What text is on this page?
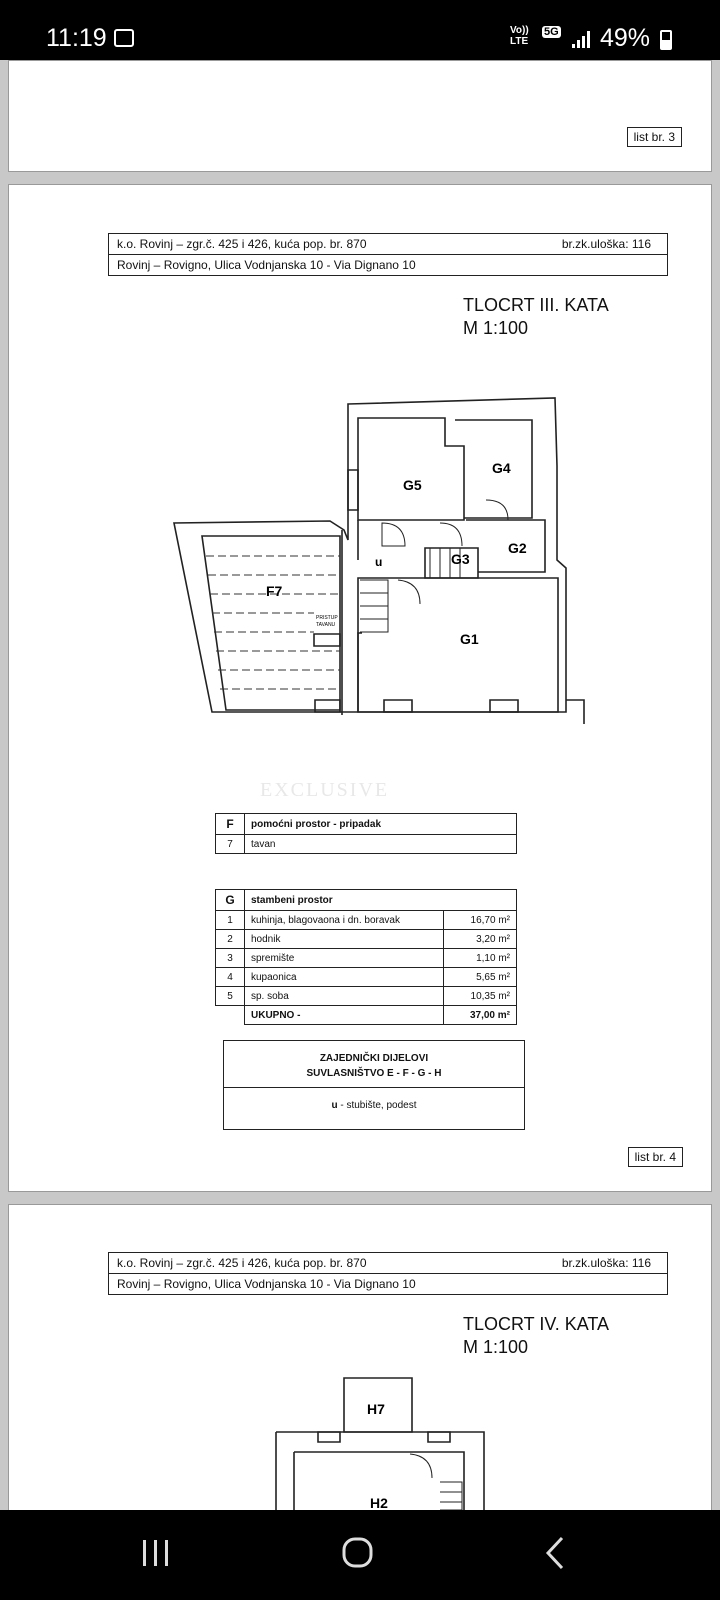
11:19	Vo)) LTE
5G 49%
list br. 3
k.o. Rovinj – zgr.č. 425 i 426, kuća pop. br. 870	br.zk.uloška: 116
Rovinj – Rovigno, Ulica Vodnjanska 10 - Via Dignano 10
TLOCRT III. KATA
M 1:100
G5
G4
G3
G2
G1
F7
u
PRISTUP
TAVANU
EXCLUSIVE
F	pomoćni prostor - pripadak
7	tavan
G	stambeni prostor	
1	kuhinja, blagovaona i dn. boravak	16,70 m²
2	hodnik	3,20 m²
3	spremište	1,10 m²
4	kupaonica	5,65 m²
5	sp. soba	10,35 m²
	UKUPNO -	37,00 m²
ZAJEDNIČKI DIJELOVI
SUVLASNIŠTVO E - F - G - H
u - stubište, podest
list br. 4
k.o. Rovinj – zgr.č. 425 i 426, kuća pop. br. 870	br.zk.uloška: 116
Rovinj – Rovigno, Ulica Vodnjanska 10 - Via Dignano 10
TLOCRT IV. KATA
M 1:100
H7
H2
